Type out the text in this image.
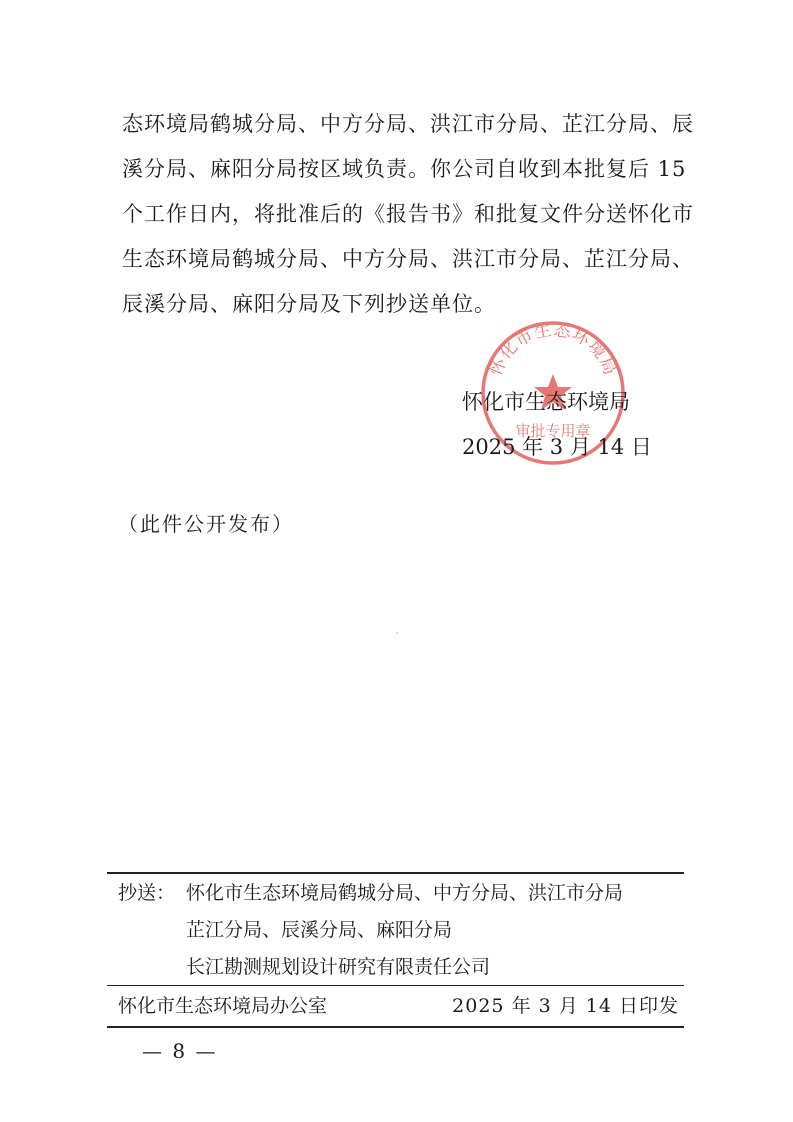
态环境局鹤城分局、中方分局、洪江市分局、芷江分局、辰
溪分局、麻阳分局按区域负责。你公司自收到本批复后 15
个工作日内，将批准后的《报告书》和批复文件分送怀化市
生态环境局鹤城分局、中方分局、洪江市分局、芷江分局、
辰溪分局、麻阳分局及下列抄送单位。
怀化市生态环境局
审批专用章
怀化市生态环境局
2025 年 3 月 14 日
（此件公开发布）
抄送： 怀化市生态环境局鹤城分局、中方分局、洪江市分局
芷江分局、辰溪分局、麻阳分局
长江勘测规划设计研究有限责任公司
怀化市生态环境局办公室	2025 年 3 月 14 日印发
— 8 —
